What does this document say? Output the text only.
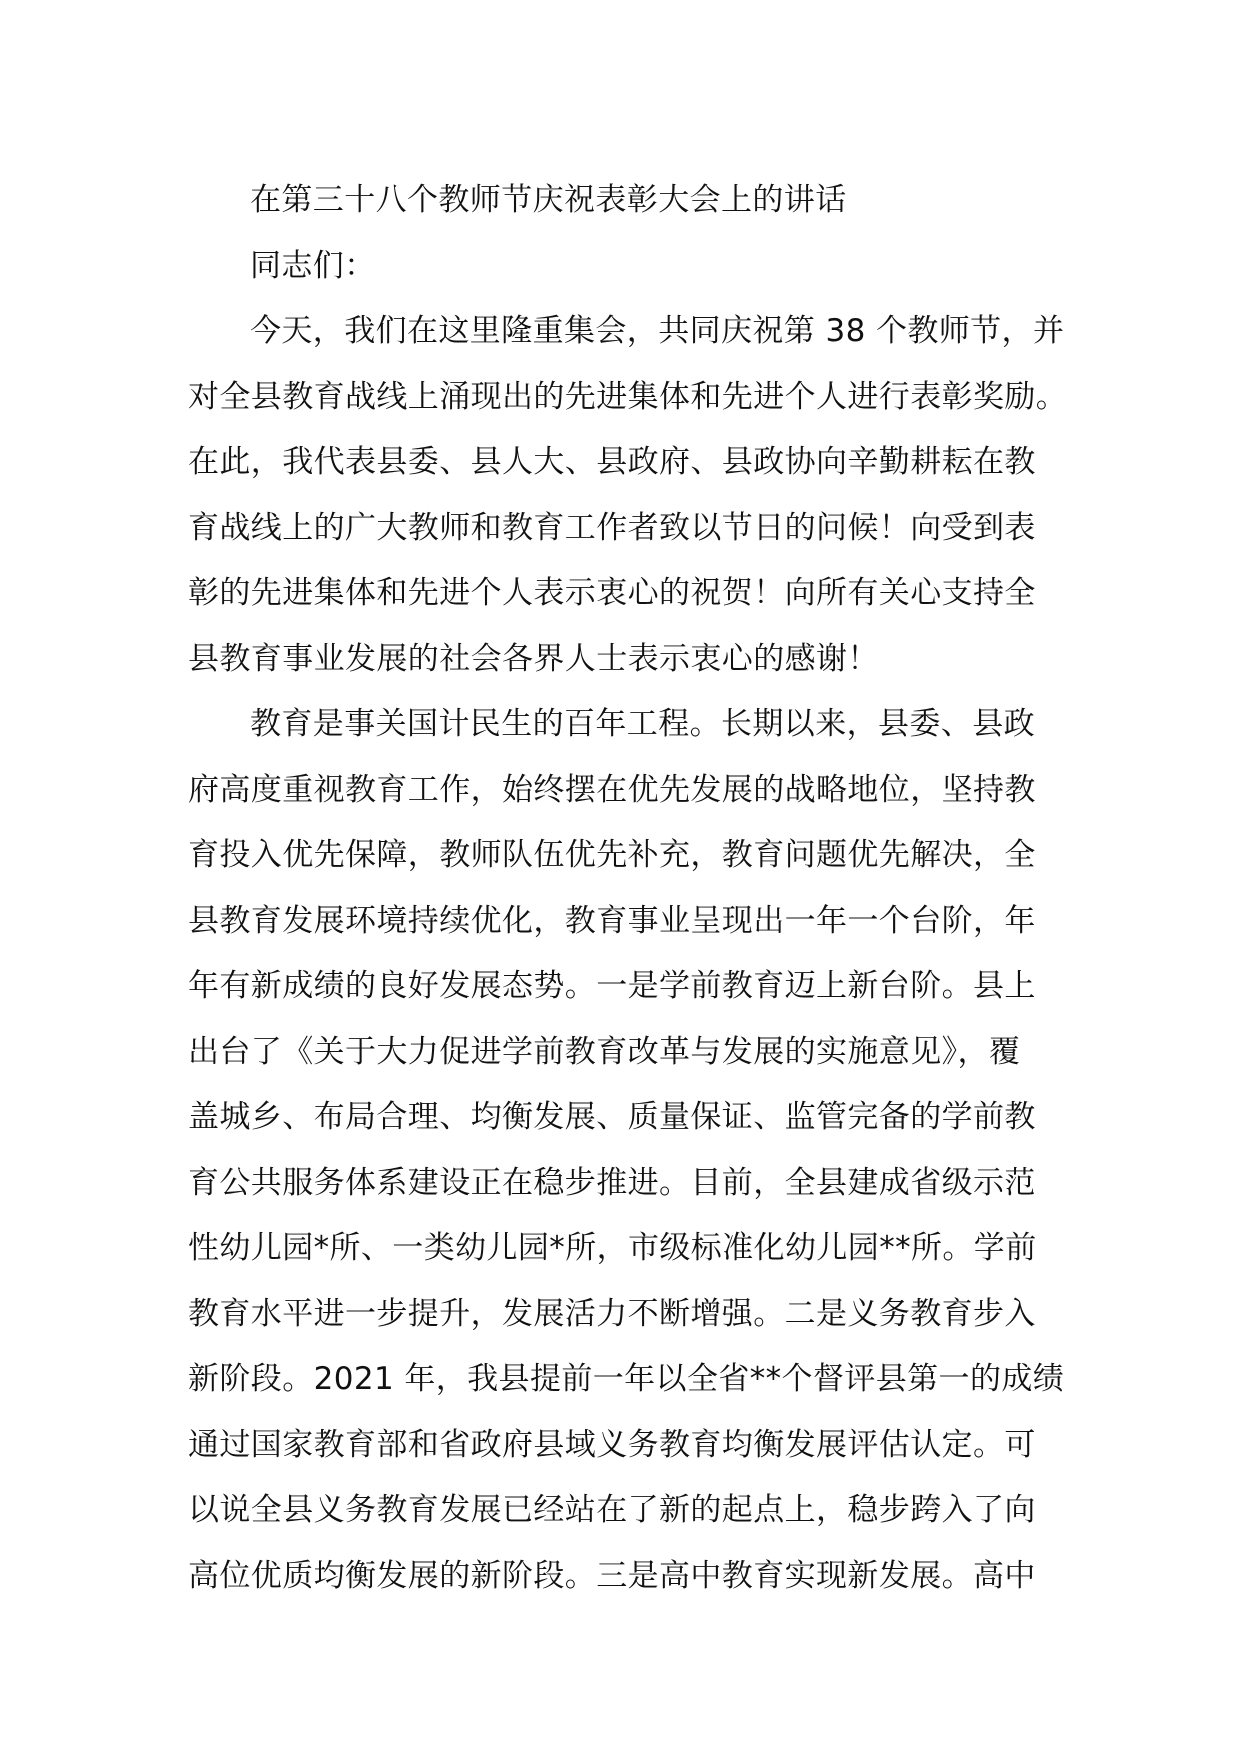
在第三十八个教师节庆祝表彰大会上的讲话
同志们：
今天，我们在这里隆重集会，共同庆祝第 38 个教师节，并
对全县教育战线上涌现出的先进集体和先进个人进行表彰奖励。
在此，我代表县委、县人大、县政府、县政协向辛勤耕耘在教
育战线上的广大教师和教育工作者致以节日的问候！向受到表
彰的先进集体和先进个人表示衷心的祝贺！向所有关心支持全
县教育事业发展的社会各界人士表示衷心的感谢！
教育是事关国计民生的百年工程。长期以来，县委、县政
府高度重视教育工作，始终摆在优先发展的战略地位，坚持教
育投入优先保障，教师队伍优先补充，教育问题优先解决，全
县教育发展环境持续优化，教育事业呈现出一年一个台阶，年
年有新成绩的良好发展态势。一是学前教育迈上新台阶。县上
出台了《关于大力促进学前教育改革与发展的实施意见》，覆
盖城乡、布局合理、均衡发展、质量保证、监管完备的学前教
育公共服务体系建设正在稳步推进。目前，全县建成省级示范
性幼儿园*所、一类幼儿园*所，市级标准化幼儿园**所。学前
教育水平进一步提升，发展活力不断增强。二是义务教育步入
新阶段。2021 年，我县提前一年以全省**个督评县第一的成绩
通过国家教育部和省政府县域义务教育均衡发展评估认定。可
以说全县义务教育发展已经站在了新的起点上，稳步跨入了向
高位优质均衡发展的新阶段。三是高中教育实现新发展。高中
